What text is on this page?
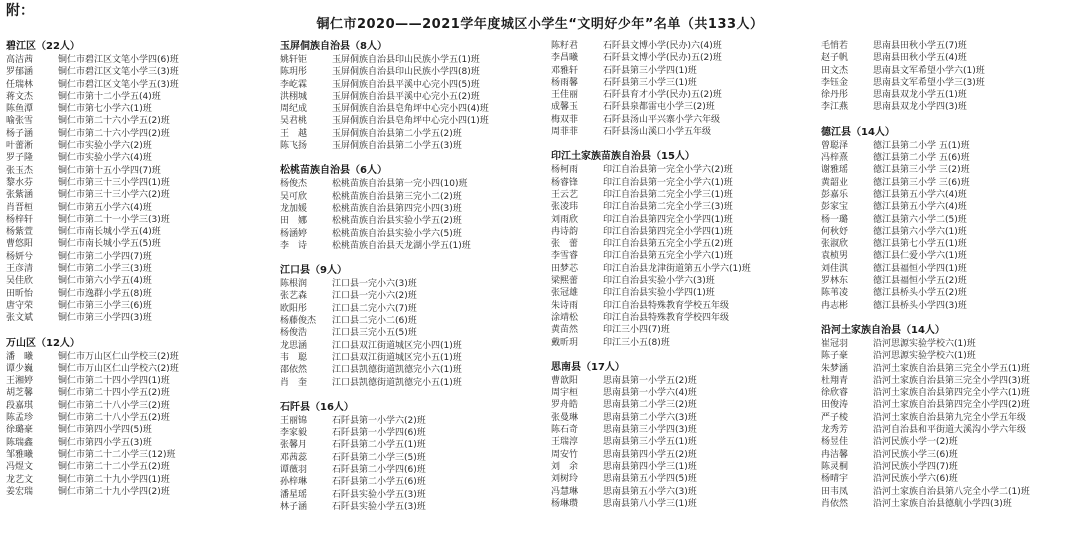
附：
铜仁市2020——2021学年度城区小学生“文明好少年”名单（共133人）
碧江区（22人）
高洁茜	铜仁市碧江区文笔小学四(6)班
罗郁涵	铜仁市碧江区文笔小学三(3)班
任瑞林	铜仁市碧江区文笔小学五(3)班
蒋文杰	铜仁市第十二小学五(4)班
陈鱼潭	铜仁市第七小学六(1)班
喻张雪	铜仁市第二十六小学五(2)班
杨子涵	铜仁市第二十六小学四(2)班
叶蕾淅	铜仁市实验小学六(2)班
罗子隆	铜仁市实验小学六(4)班
张玉杰	铜仁市第十五小学四(7)班
黎水芬	铜仁市第三十三小学四(1)班
张紫涵	铜仁市第三十三小学六(2)班
肖晋桓	铜仁市第五小学六(4)班
杨梓轩	铜仁市第二十一小学三(3)班
杨紫萱	铜仁市南长城小学五(4)班
曹悠阳	铜仁市南长城小学五(5)班
杨妍兮	铜仁市第二小学四(7)班
王彦清	铜仁市第二小学三(3)班
吴佳欣	铜仁市第六小学五(4)班
田昕怡	铜仁市逸群小学五(8)班
唐守荣	铜仁市第三小学三(6)班
张文斌	铜仁市第三小学四(3)班
万山区（12人）
潘　曦	铜仁市万山区仁山学校三(2)班
谭少巍	铜仁市万山区仁山学校六(2)班
王湘婷	铜仁市第二十四小学四(1)班
胡芝馨	铜仁市第二十四小学五(2)班
段嘉琪	铜仁市第二十八小学三(2)班
陈孟珍	铜仁市第二十八小学五(2)班
徐璐豪	铜仁市第四小学四(5)班
陈瑞鑫	铜仁市第四小学五(3)班
邹雅曦	铜仁市第二十二小学三(12)班
冯煜文	铜仁市第二十二小学五(2)班
龙艺文	铜仁市第二十九小学四(1)班
姜宏瑞	铜仁市第二十九小学四(2)班
玉屏侗族自治县（8人）
姚轩钜	玉屏侗族自治县印山民族小学五(1)班
陈玥彤	玉屏侗族自治县印山民族小学四(8)班
李屹霖	玉屏侗族自治县平溪中心完小四(5)班
洪栩城	玉屏侗族自治县平溪中心完小五(2)班
周纪成	玉屏侗族自治县皂角坪中心完小四(4)班
吴君桃	玉屏侗族自治县皂角坪中心完小四(1)班
王　越	玉屏侗族自治县第二小学五(2)班
陈飞扬	玉屏侗族自治县第二小学五(3)班
松桃苗族自治县（6人）
杨俊杰	松桃苗族自治县第一完小四(10)班
吴可欣	松桃苗族自治县第三完小二(2)班
龙加媛	松桃苗族自治县第四完小四(3)班
田　娜	松桃苗族自治县实验小学五(2)班
杨涵婷	松桃苗族自治县实验小学六(5)班
李　诗	松桃苗族自治县天龙湖小学五(1)班
江口县（9人）
陈根润	江口县一完小六(3)班
张艺森	江口县一完小六(2)班
欧阳彤	江口县二完小六(7)班
杨藤俊杰	江口县二完小二(6)班
杨俊浩	江口县三完小五(5)班
龙思涵	江口县双江街道城区完小四(1)班
韦　聪	江口县双江街道城区完小五(1)班
邵依然	江口县凯德街道凯德完小六(1)班
肖　奎	江口县凯德街道凯德完小五(1)班
石阡县（16人）
王丽锦	石阡县第一小学六(2)班
李家毅	石阡县第一小学四(6)班
张馨月	石阡县第二小学五(1)班
邓茜蕊	石阡县第二小学三(5)班
谭薇羽	石阡县第二小学四(6)班
孙梓琳	石阡县第二小学五(6)班
潘星瑶	石阡县实验小学五(3)班
林子涵	石阡县实验小学五(3)班
陈籽君	石阡县文博小学(民办)六(4)班
李昌曦	石阡县文博小学(民办)五(2)班
邓雅轩	石阡县第三小学四(1)班
杨雨馨	石阡县第三小学三(1)班
王佳丽	石阡县育才小学(民办)五(2)班
成馨玉	石阡县泉都雷屯小学三(2)班
梅双菲	石阡县汤山平兴寨小学六年级
周菲菲	石阡县汤山溪口小学五年级
印江土家族苗族自治县（15人）
杨柯雨	印江自治县第一完全小学六(2)班
杨睿锋	印江自治县第一完全小学六(1)班
王云艺	印江自治县第二完全小学三(1)班
张凌玮	印江自治县第二完全小学三(3)班
刘雨欣	印江自治县第四完全小学四(1)班
冉诗韵	印江自治县第四完全小学四(1)班
张　蕾	印江自治县第五完全小学五(2)班
李雪睿	印江自治县第五完全小学六(1)班
田梦芯	印江自治县龙津街道第五小学六(1)班
梁熙蕾	印江自治县实验小学六(3)班
张冠雄	印江自治县实验小学四(1)班
朱诗雨	印江自治县特殊教育学校五年级
涂靖松	印江自治县特殊教育学校四年级
黄苗然	印江三小四(7)班
戴昕玥	印江三小五(8)班
思南县（17人）
曹歆阳	思南县第一小学五(2)班
周宇桓	思南县第一小学六(4)班
罗舟皓	思南县第二小学三(2)班
张曼琳	思南县第二小学六(3)班
陈石奇	思南县第三小学四(3)班
王瑞淳	思南县第三小学五(1)班
周安竹	思南县第四小学五(2)班
刘　余	思南县第四小学三(1)班
刘树玲	思南县第五小学四(5)班
冯慧琳	思南县第五小学六(3)班
杨琳瓒	思南县第八小学三(1)班
毛悄若	思南县田秋小学五(7)班
赵子帆	思南县田秋小学五(4)班
田文杰	思南县文军希望小学六(1)班
李钰金	思南县文军希望小学三(3)班
徐丹彤	思南县双龙小学五(1)班
李江燕	思南县双龙小学四(3)班
德江县（14人）
曾聪泽	德江县第二小学 五(1)班
冯梓熹	德江县第二小学 五(6)班
谢雅瑶	德江县第三小学 三(2)班
黄韶业	德江县第三小学 三(6)班
彭嘉乐	德江县第五小学六(4)班
彭家宝	德江县第五小学六(4)班
杨一璐	德江县第六小学二(5)班
何秋妤	德江县第六小学六(1)班
张淑欣	德江县第七小学五(1)班
袁桢男	德江县仁爱小学六(1)班
刘佳淇	德江县福恒小学四(1)班
罗林东	德江县福恒小学五(2)班
陈苇凌	德江县桥头小学五(2)班
冉志彬	德江县桥头小学四(3)班
沿河土家族自治县（14人）
崔冠羽	沿河思源实验学校六(1)班
陈子豪	沿河思源实验学校六(1)班
朱梦涵	沿河土家族自治县第三完全小学五(1)班
杜翔青	沿河土家族自治县第三完全小学四(3)班
徐欣睿	沿河土家族自治县第四完全小学六(1)班
田俊涛	沿河土家族自治县第四完全小学四(2)班
严子棱	沿河土家族自治县第九完全小学五年级
龙秀芳	沿河自治县和平街道大溪沟小学六年级
杨昱佳	沿河民族小学一(2)班
冉洁馨	沿河民族小学三(6)班
陈灵桐	沿河民族小学四(7)班
杨晴宇	沿河民族小学六(6)班
田韦凤	沿河土家族自治县第八完全小学二(1)班
肖依然	沿河土家族自治县德航小学四(3)班
